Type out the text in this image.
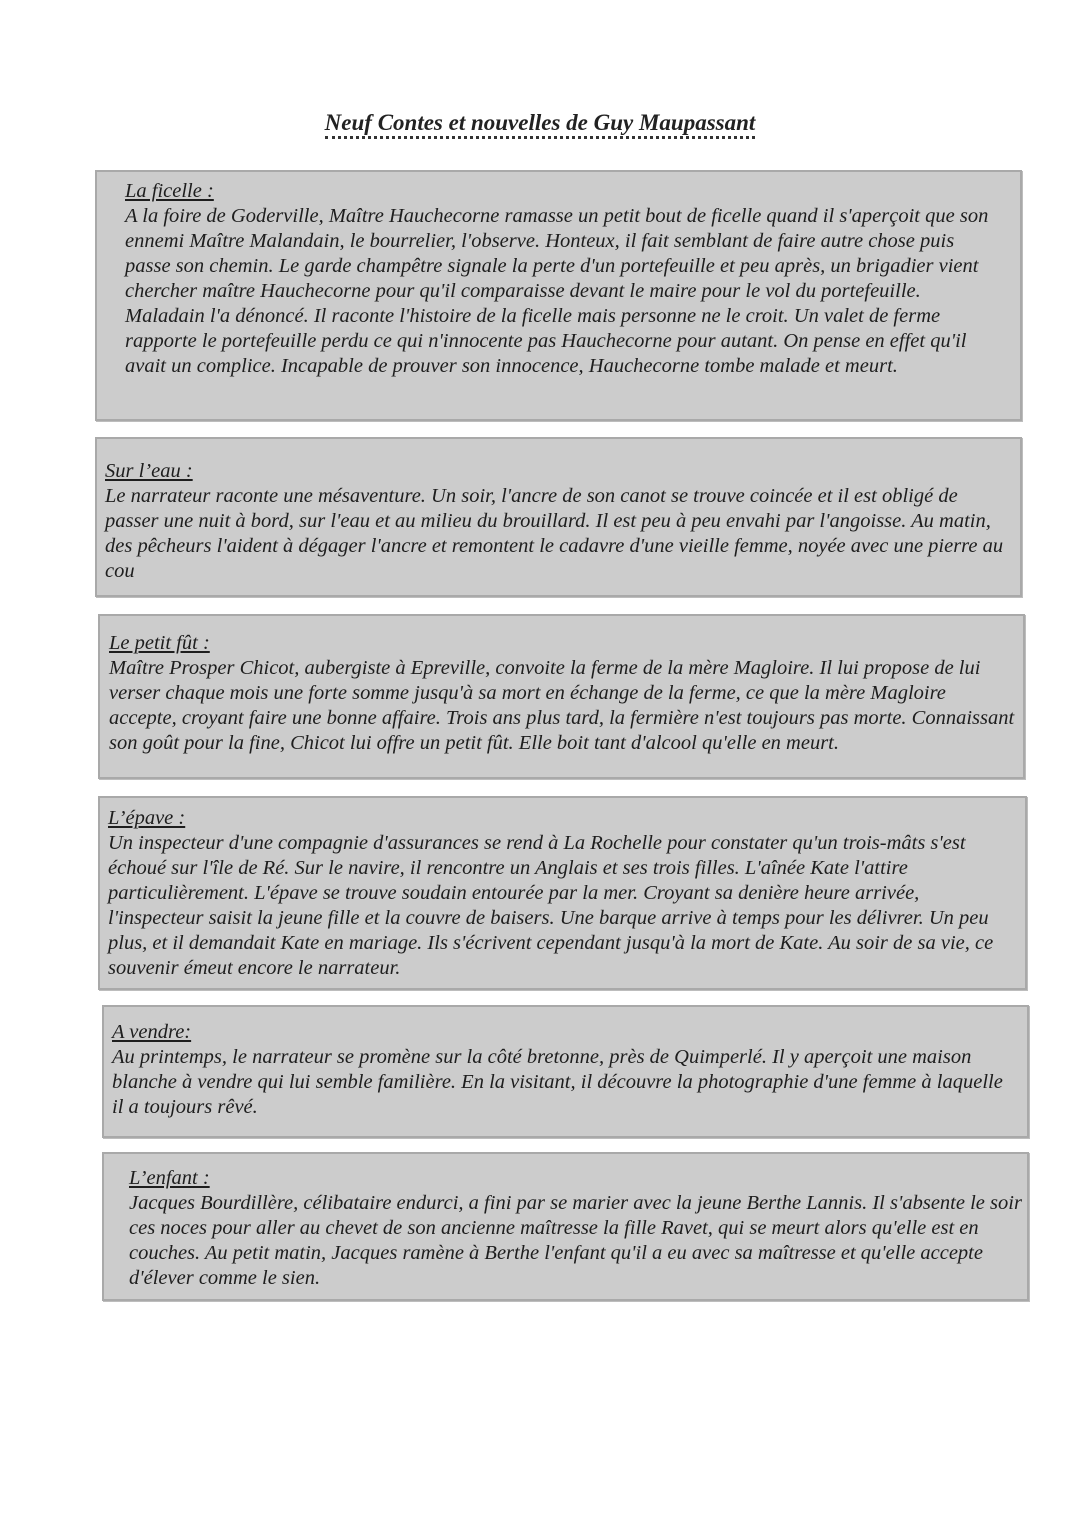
Neuf Contes et nouvelles de Guy Maupassant
La ficelle :
A la foire de Goderville, Maître Hauchecorne ramasse un petit bout de ficelle quand il s'aperçoit que son ennemi Maître Malandain, le bourrelier, l'observe. Honteux, il fait semblant de faire autre chose puis passe son chemin. Le garde champêtre signale la perte d'un portefeuille et peu après, un brigadier vient chercher maître Hauchecorne pour qu'il comparaisse devant le maire pour le vol du portefeuille. Maladain l'a dénoncé. Il raconte l'histoire de la ficelle mais personne ne le croit. Un valet de ferme rapporte le portefeuille perdu ce qui n'innocente pas Hauchecorne pour autant. On pense en effet qu'il avait un complice. Incapable de prouver son innocence, Hauchecorne tombe malade et meurt.
Sur l’eau :
Le narrateur raconte une mésaventure. Un soir, l'ancre de son canot se trouve coincée et il est obligé de passer une nuit à bord, sur l'eau et au milieu du brouillard. Il est peu à peu envahi par l'angoisse. Au matin, des pêcheurs l'aident à dégager l'ancre et remontent le cadavre d'une vieille femme, noyée avec une pierre au cou
Le petit fût :
Maître Prosper Chicot, aubergiste à Epreville, convoite la ferme de la mère Magloire. Il lui propose de lui verser chaque mois une forte somme jusqu'à sa mort en échange de la ferme, ce que la mère Magloire accepte, croyant faire une bonne affaire. Trois ans plus tard, la fermière n'est toujours pas morte. Connaissant son goût pour la fine, Chicot lui offre un petit fût. Elle boit tant d'alcool qu'elle en meurt.
L’épave :
Un inspecteur d'une compagnie d'assurances se rend à La Rochelle pour constater qu'un trois-mâts s'est échoué sur l'île de Ré. Sur le navire, il rencontre un Anglais et ses trois filles. L'aînée Kate l'attire particulièrement. L'épave se trouve soudain entourée par la mer. Croyant sa denière heure arrivée, l'inspecteur saisit la jeune fille et la couvre de baisers. Une barque arrive à temps pour les délivrer. Un peu plus, et il demandait Kate en mariage. Ils s'écrivent cependant jusqu'à la mort de Kate. Au soir de sa vie, ce souvenir émeut encore le narrateur.
A vendre:
Au printemps, le narrateur se promène sur la côté bretonne, près de Quimperlé. Il y aperçoit une maison blanche à vendre qui lui semble familière. En la visitant, il découvre la photographie d'une femme à laquelle il a toujours rêvé.
L’enfant :
Jacques Bourdillère, célibataire endurci, a fini par se marier avec la jeune Berthe Lannis. Il s'absente le soir ces noces pour aller au chevet de son ancienne maîtresse la fille Ravet, qui se meurt alors qu'elle est en couches. Au petit matin, Jacques ramène à Berthe l'enfant qu'il a eu avec sa maîtresse et qu'elle accepte d'élever comme le sien.
